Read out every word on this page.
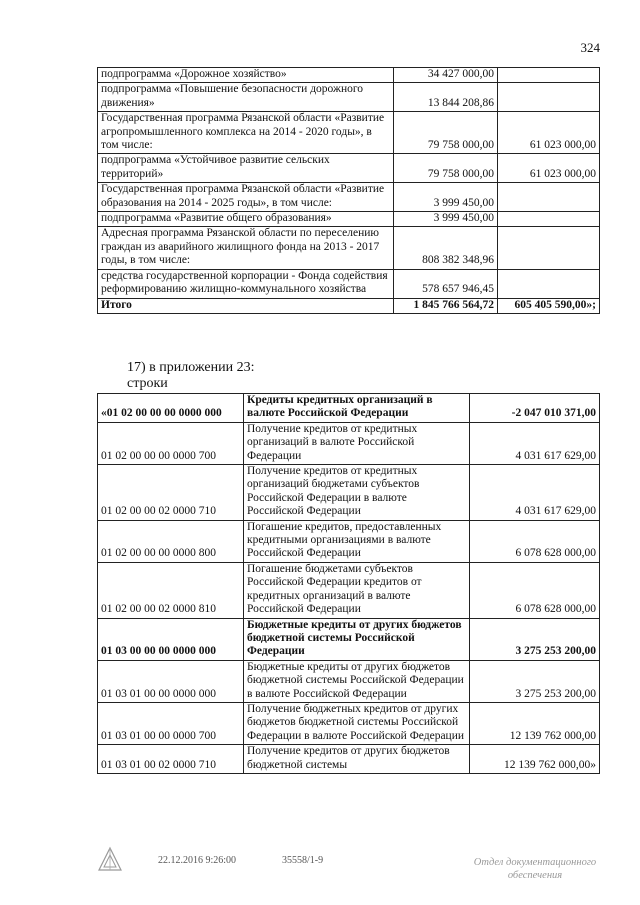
324
подпрограмма «Дорожное хозяйство»	34 427 000,00	
подпрограмма «Повышение безопасности дорожного движения»	13 844 208,86	
Государственная программа Рязанской области «Развитие агропромышленного комплекса на 2014 - 2020 годы», в том числе:	79 758 000,00	61 023 000,00
подпрограмма «Устойчивое развитие сельских территорий»	79 758 000,00	61 023 000,00
Государственная программа Рязанской области «Развитие образования на 2014 - 2025 годы», в том числе:	3 999 450,00	
подпрограмма «Развитие общего образования»	3 999 450,00	
Адресная программа Рязанской области по переселению граждан из аварийного жилищного фонда на 2013 - 2017 годы, в том числе:	808 382 348,96	
средства государственной корпорации - Фонда содействия реформированию жилищно-коммунального хозяйства	578 657 946,45	
Итого	1 845 766 564,72	605 405 590,00»;
17) в приложении 23:
строки
«01 02 00 00 00 0000 000	Кредиты кредитных организаций в валюте Российской Федерации	-2 047 010 371,00
01 02 00 00 00 0000 700	Получение кредитов от кредитных организаций в валюте Российской Федерации	4 031 617 629,00
01 02 00 00 02 0000 710	Получение кредитов от кредитных организаций бюджетами субъектов Российской Федерации в валюте Российской Федерации	4 031 617 629,00
01 02 00 00 00 0000 800	Погашение кредитов, предоставленных кредитными организациями в валюте Российской Федерации	6 078 628 000,00
01 02 00 00 02 0000 810	Погашение бюджетами субъектов Российской Федерации кредитов от кредитных организаций в валюте Российской Федерации	6 078 628 000,00
01 03 00 00 00 0000 000	Бюджетные кредиты от других бюджетов бюджетной системы Российской Федерации	3 275 253 200,00
01 03 01 00 00 0000 000	Бюджетные кредиты от других бюджетов бюджетной системы Российской Федерации в валюте Российской Федерации	3 275 253 200,00
01 03 01 00 00 0000 700	Получение бюджетных кредитов от других бюджетов бюджетной системы Российской Федерации в валюте Российской Федерации	12 139 762 000,00
01 03 01 00 02 0000 710	Получение кредитов от других бюджетов бюджетной системы	12 139 762 000,00»
22.12.2016 9:26:00	35558/1-9	Отдел документационного
обеспечения
